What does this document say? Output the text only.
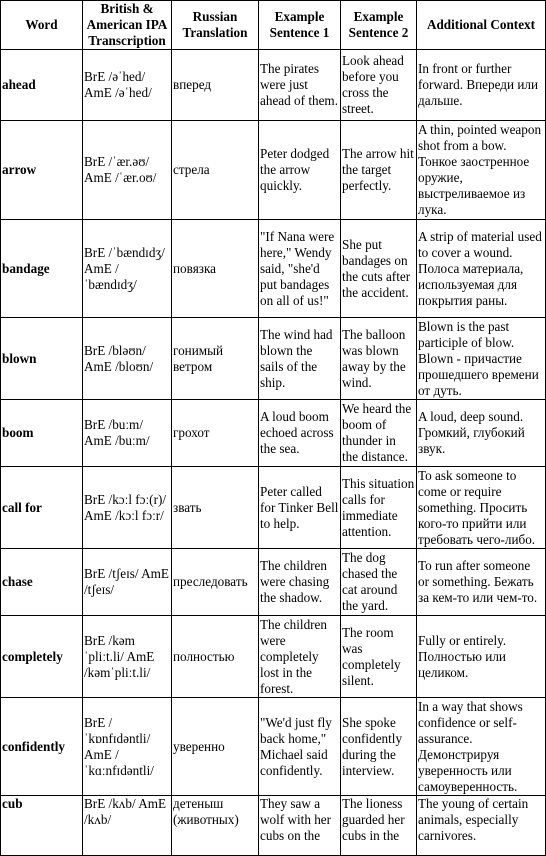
Word	British & American IPA Transcription	Russian Translation	Example Sentence 1	Example Sentence 2	Additional Context
ahead	BrE /əˈhed/ AmE /əˈhed/	вперед	The pirates were just ahead of them.	Look ahead before you cross the street.	In front or further forward. Впереди или дальше.
arrow	BrE /ˈær.əʊ/ AmE /ˈær.oʊ/	стрела	Peter dodged the arrow quickly.	The arrow hit the target perfectly.	A thin, pointed weapon shot from a bow. Тонкое заостренное оружие, выстреливаемое из лука.
bandage	BrE /ˈbændɪdʒ/ AmE /ˈbændɪdʒ/	повязка	"If Nana were here," Wendy said, "she'd put bandages on all of us!"	She put bandages on the cuts after the accident.	A strip of material used to cover a wound. Полоса материала, используемая для покрытия раны.
blown	BrE /bləʊn/ AmE /bloʊn/	гонимый ветром	The wind had blown the sails of the ship.	The balloon was blown away by the wind.	Blown is the past participle of blow. Blown - причастие прошедшего времени от дуть.
boom	BrE /buːm/ AmE /buːm/	грохот	A loud boom echoed across the sea.	We heard the boom of thunder in the distance.	A loud, deep sound. Громкий, глубокий звук.
call for	BrE /kɔːl fɔː(r)/ AmE /kɔːl fɔːr/	звать	Peter called for Tinker Bell to help.	This situation calls for immediate attention.	To ask someone to come or require something. Просить кого-то прийти или требовать чего-либо.
chase	BrE /tʃeɪs/ AmE /tʃeɪs/	преследовать	The children were chasing the shadow.	The dog chased the cat around the yard.	To run after someone or something. Бежать за кем-то или чем-то.
completely	BrE /kəmˈpliːt.li/ AmE /kəmˈpliːt.li/	полностью	The children were completely lost in the forest.	The room was completely silent.	Fully or entirely. Полностью или целиком.
confidently	BrE /ˈkɒnfɪdəntli/ AmE /ˈkɑːnfɪdəntli/	уверенно	"We'd just fly back home," Michael said confidently.	She spoke confidently during the interview.	In a way that shows confidence or self-assurance. Демонстрируя уверенность или самоуверенность.
cub	BrE /kʌb/ AmE /kʌb/	детеныш (животных)	They saw a wolf with her cubs on the	The lioness guarded her cubs in the	The young of certain animals, especially carnivores.
